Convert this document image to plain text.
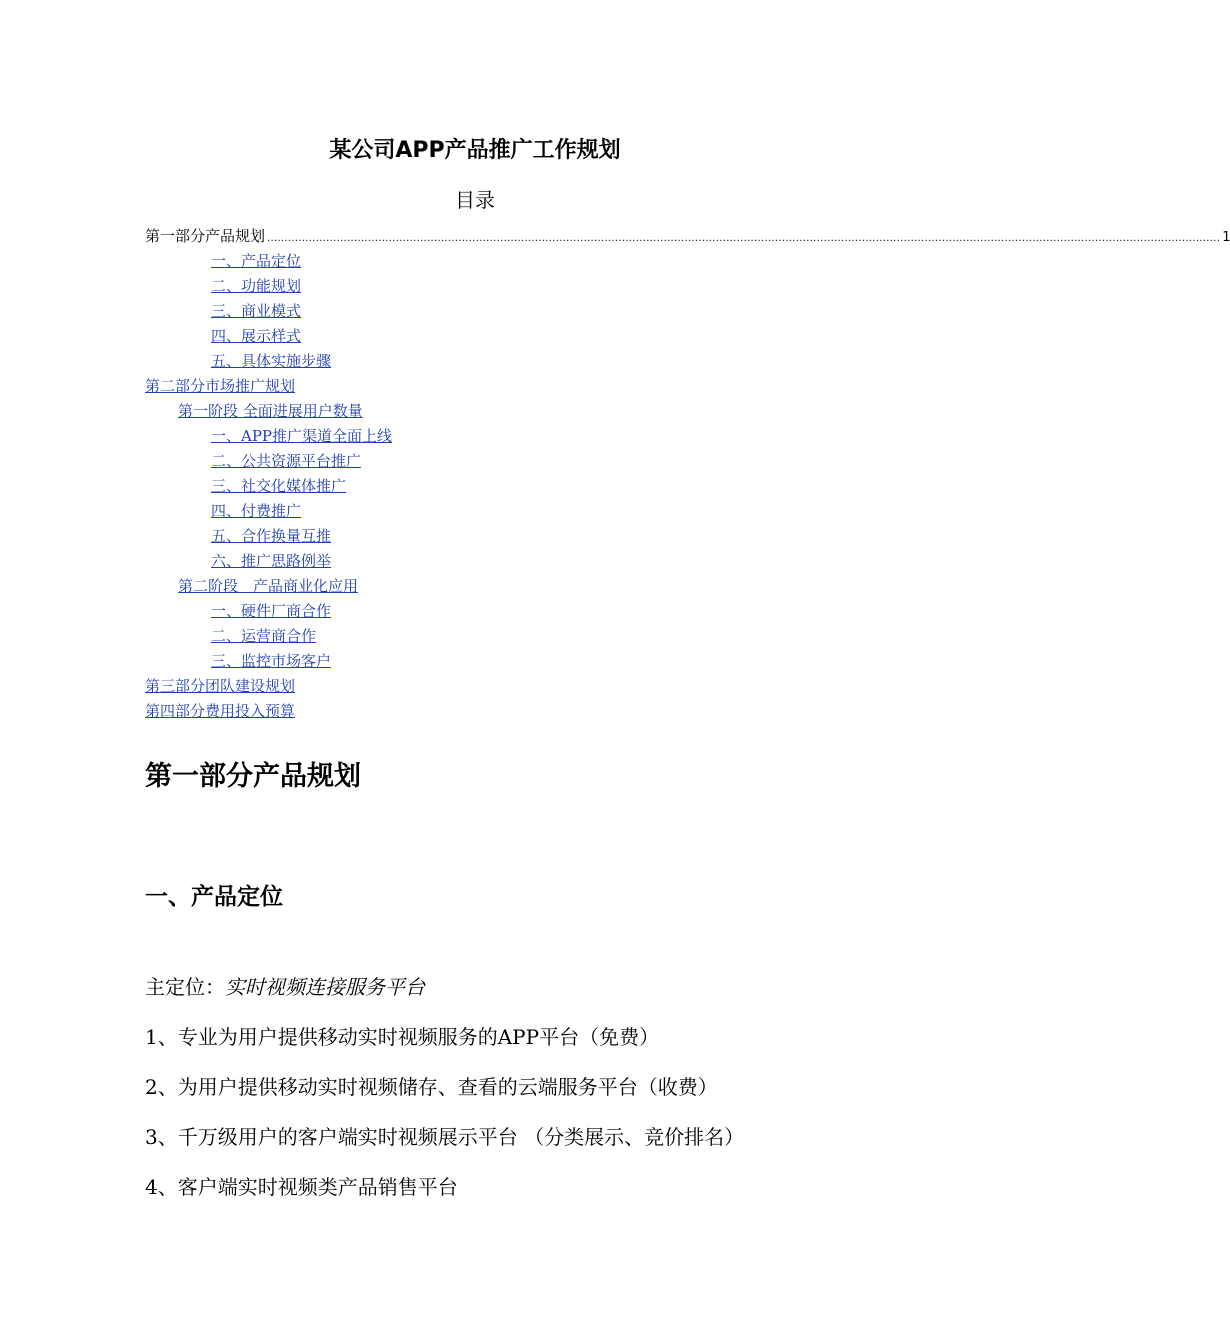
某公司APP产品推广工作规划
目录
第一部分产品规划 .................................................................................................................................................................................................................................................................................. 1
一、产品定位
二、功能规划
三、商业模式
四、展示样式
五、具体实施步骤
第二部分市场推广规划
第一阶段 全面进展用户数量
一、APP推广渠道全面上线
二、公共资源平台推广
三、社交化媒体推广
四、付费推广
五、合作换量互推
六、推广思路例举
第二阶段　产品商业化应用
一、硬件厂商合作
二、运营商合作
三、监控市场客户
第三部分团队建设规划
第四部分费用投入预算
第一部分产品规划
一、产品定位
主定位：实时视频连接服务平台
1、专业为用户提供移动实时视频服务的APP平台（免费）
2、为用户提供移动实时视频储存、查看的云端服务平台（收费）
3、千万级用户的客户端实时视频展示平台 （分类展示、竞价排名）
4、客户端实时视频类产品销售平台
